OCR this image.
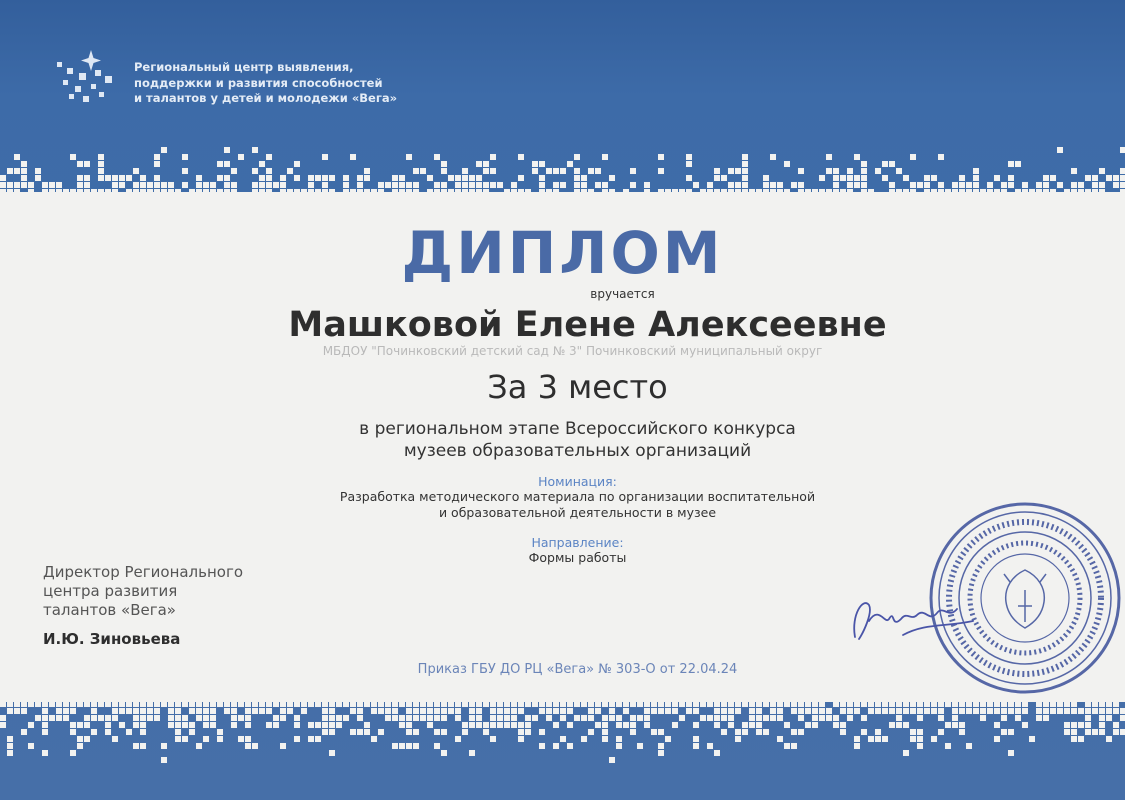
Региональный центр выявления,
поддержки и развития способностей
и талантов у детей и молодежи «Вега»
ДИПЛОМ
вручается
Машковой Елене Алексеевне
МБДОУ "Починковский детский сад № 3" Починковский муниципальный округ
За 3 место
в региональном этапе Всероссийского конкурса
музеев образовательных организаций
Номинация:
Разработка методического материала по организации воспитательной
и образовательной деятельности в музее
Направление:
Формы работы
Директор Регионального
центра развития
талантов «Вега»
И.Ю. Зиновьева
Приказ ГБУ ДО РЦ «Вега» № 303-О от 22.04.24
